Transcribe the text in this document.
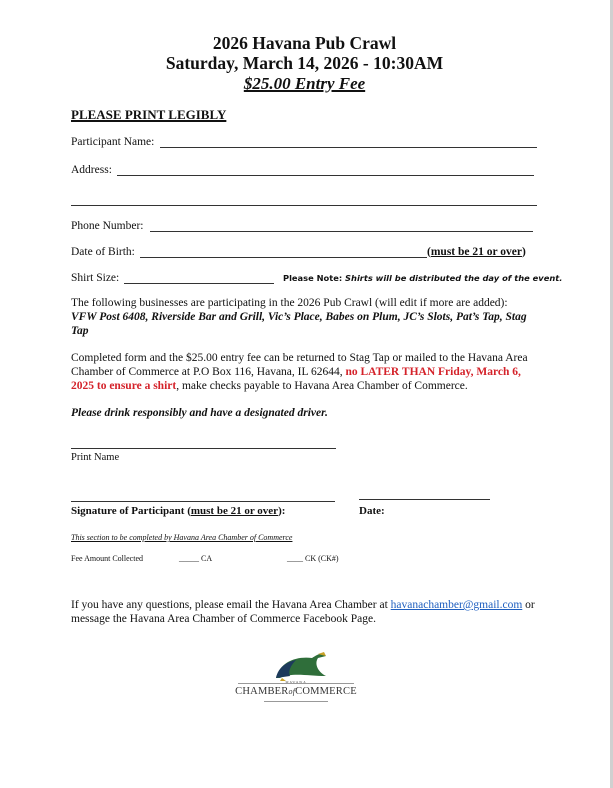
2026 Havana Pub Crawl
Saturday, March 14, 2026 - 10:30AM
$25.00 Entry Fee
PLEASE PRINT LEGIBLY
Participant Name:
Address:
Phone Number:
Date of Birth:	(must be 21 or over)
Shirt Size:	Please Note: Shirts will be distributed the day of the event.
The following businesses are participating in the 2026 Pub Crawl (will edit if more are added):
VFW Post 6408, Riverside Bar and Grill, Vic’s Place, Babes on Plum, JC’s Slots, Pat’s Tap, Stag Tap
Completed form and the $25.00 entry fee can be returned to Stag Tap or mailed to the Havana Area Chamber of Commerce at P.O Box 116, Havana, IL 62644, no LATER THAN Friday, March 6, 2025 to ensure a shirt, make checks payable to Havana Area Chamber of Commerce.
Please drink responsibly and have a designated driver.
Print Name
Signature of Participant (must be 21 or over):	Date:
This section to be completed by Havana Area Chamber of Commerce
Fee Amount Collected	_____ CA	____ CK (CK#)
If you have any questions, please email the Havana Area Chamber at havanachamber@gmail.com or message the Havana Area Chamber of Commerce Facebook Page.
HAVANA
CHAMBERofCOMMERCE
